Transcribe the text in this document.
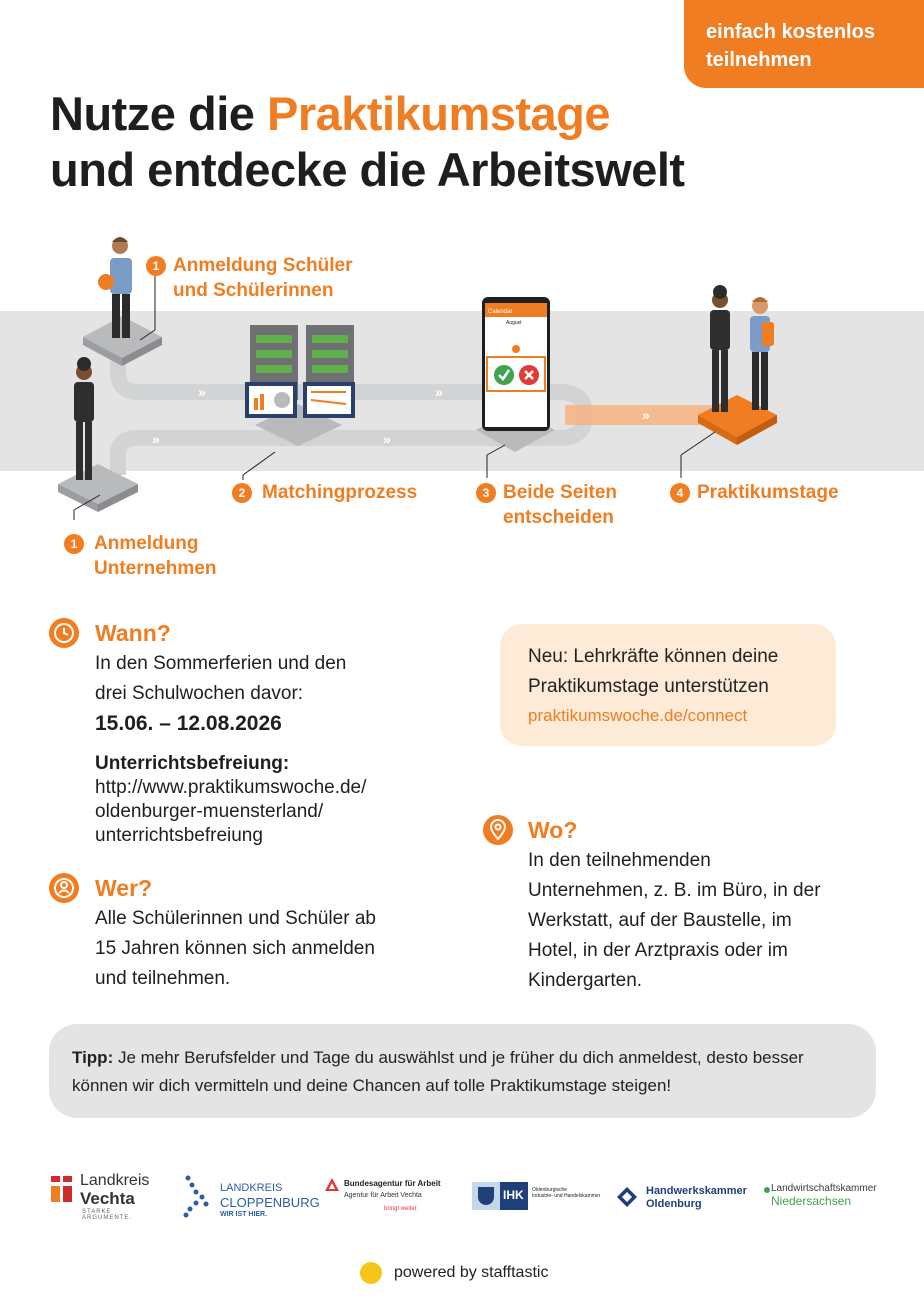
einfach kostenlos
teilnehmen
Nutze die Praktikumstage
und entdecke die Arbeitswelt
»	»
»	»
»
Calendar
August
1 Anmeldung Schüler
und Schülerinnen
1 Anmeldung
Unternehmen
2 Matchingprozess	3 Beide Seiten
entscheiden
4 Praktikumstage
Wann?
In den Sommerferien und den
drei Schulwochen davor:
15.06. – 12.08.2026
Unterrichtsbefreiung:
http://www.praktikumswoche.de/
oldenburger-muensterland/
unterrichtsbefreiung
Neu: Lehrkräfte können deine
Praktikumstage unterstützen
praktikumswoche.de/connect
Wer?
Alle Schülerinnen und Schüler ab
15 Jahren können sich anmelden
und teilnehmen.
Wo?
In den teilnehmenden
Unternehmen, z. B. im Büro, in der
Werkstatt, auf der Baustelle, im
Hotel, in der Arztpraxis oder im
Kindergarten.
Tipp: Je mehr Berufsfelder und Tage du auswählst und je früher du dich anmeldest, desto besser können wir dich vermitteln und deine Chancen auf tolle Praktikumstage steigen!
Landkreis
Vechta
STARKE ARGUMENTE.
LANDKREIS
CLOPPENBURG
WIR IST HIER.
Bundesagentur für Arbeit
Agentur für Arbeit Vechta
bringt weiter.
IHK Oldenburgische
Industrie- und Handelskammer	Handwerkskammer
Oldenburg
Landwirtschaftskammer
Niedersachsen
powered by stafftastic
